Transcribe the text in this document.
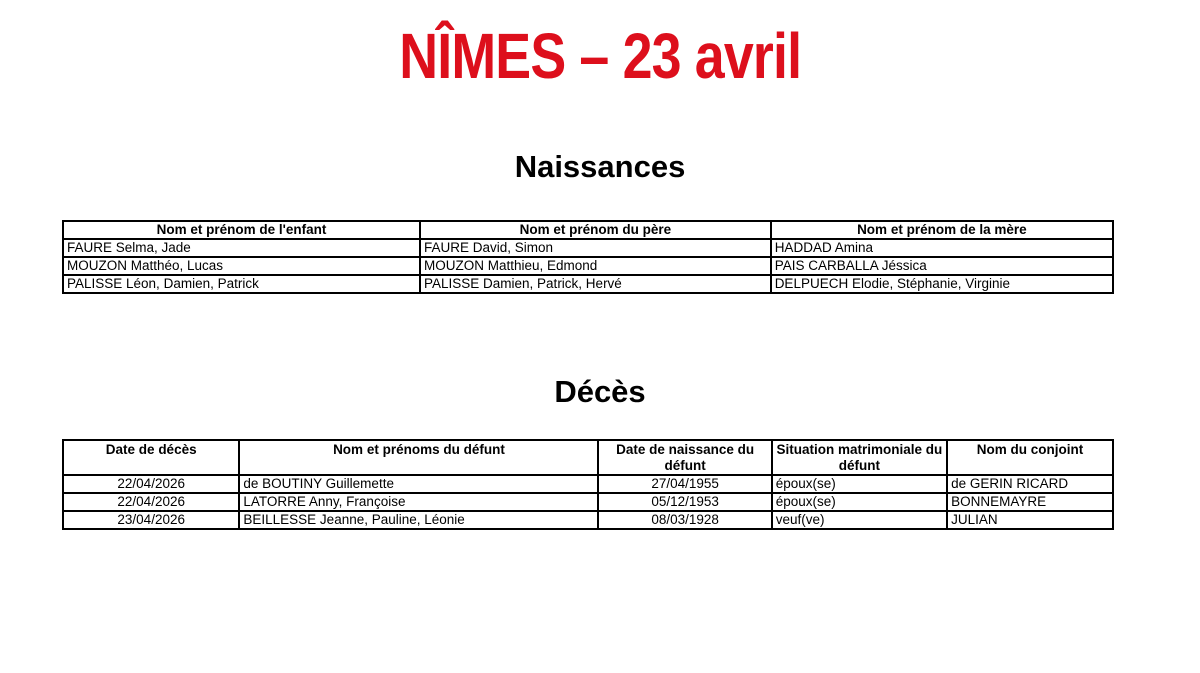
NÎMES – 23 avril
Naissances
Nom et prénom de l'enfant	Nom et prénom du père	Nom et prénom de la mère
FAURE Selma, Jade	FAURE David, Simon	HADDAD Amina
MOUZON Matthéo, Lucas	MOUZON Matthieu, Edmond	PAIS CARBALLA Jéssica
PALISSE Léon, Damien, Patrick	PALISSE Damien, Patrick, Hervé	DELPUECH Elodie, Stéphanie, Virginie
Décès
Date de décès	Nom et prénoms du défunt	Date de naissance du défunt	Situation matrimoniale du défunt	Nom du conjoint
22/04/2026	de BOUTINY Guillemette	27/04/1955	époux(se)	de GERIN RICARD
22/04/2026	LATORRE Anny, Françoise	05/12/1953	époux(se)	BONNEMAYRE
23/04/2026	BEILLESSE Jeanne, Pauline, Léonie	08/03/1928	veuf(ve)	JULIAN
